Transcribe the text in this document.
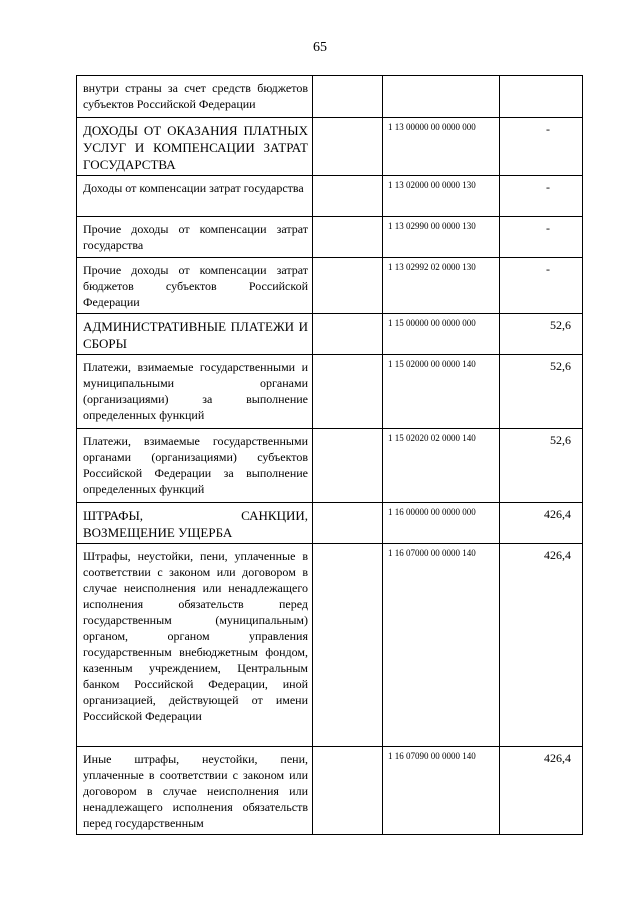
65
внутри страны за счет средств бюджетов субъектов Российской Федерации			

ДОХОДЫ ОТ ОКАЗАНИЯ ПЛАТНЫХ УСЛУГ И КОМПЕНСАЦИИ ЗАТРАТ ГОСУДАРСТВА		1 13 00000 00 0000 000	-

Доходы от компенсации затрат государства		1 13 02000 00 0000 130	-

Прочие доходы от компенсации затрат государства		1 13 02990 00 0000 130	-

Прочие доходы от компенсации затрат бюджетов субъектов Российской Федерации		1 13 02992 02 0000 130	-

АДМИНИСТРАТИВНЫЕ ПЛАТЕЖИ И СБОРЫ		1 15 00000 00 0000 000	52,6

Платежи, взимаемые государственными и муниципальными органами (организациями) за выполнение определенных функций		1 15 02000 00 0000 140	52,6

Платежи, взимаемые государственными органами (организациями) субъектов Российской Федерации за выполнение определенных функций		1 15 02020 02 0000 140	52,6

ШТРАФЫ, САНКЦИИ, ВОЗМЕЩЕНИЕ УЩЕРБА		1 16 00000 00 0000 000	426,4

Штрафы, неустойки, пени, уплаченные в соответствии с законом или договором в случае неисполнения или ненадлежащего исполнения обязательств перед государственным (муниципальным) органом, органом управления государственным внебюджетным фондом, казенным учреждением, Центральным банком Российской Федерации, иной организацией, действующей от имени Российской Федерации		1 16 07000 00 0000 140	426,4

Иные штрафы, неустойки, пени, уплаченные в соответствии с законом или договором в случае неисполнения или ненадлежащего исполнения обязательств перед государственным		1 16 07090 00 0000 140	426,4
